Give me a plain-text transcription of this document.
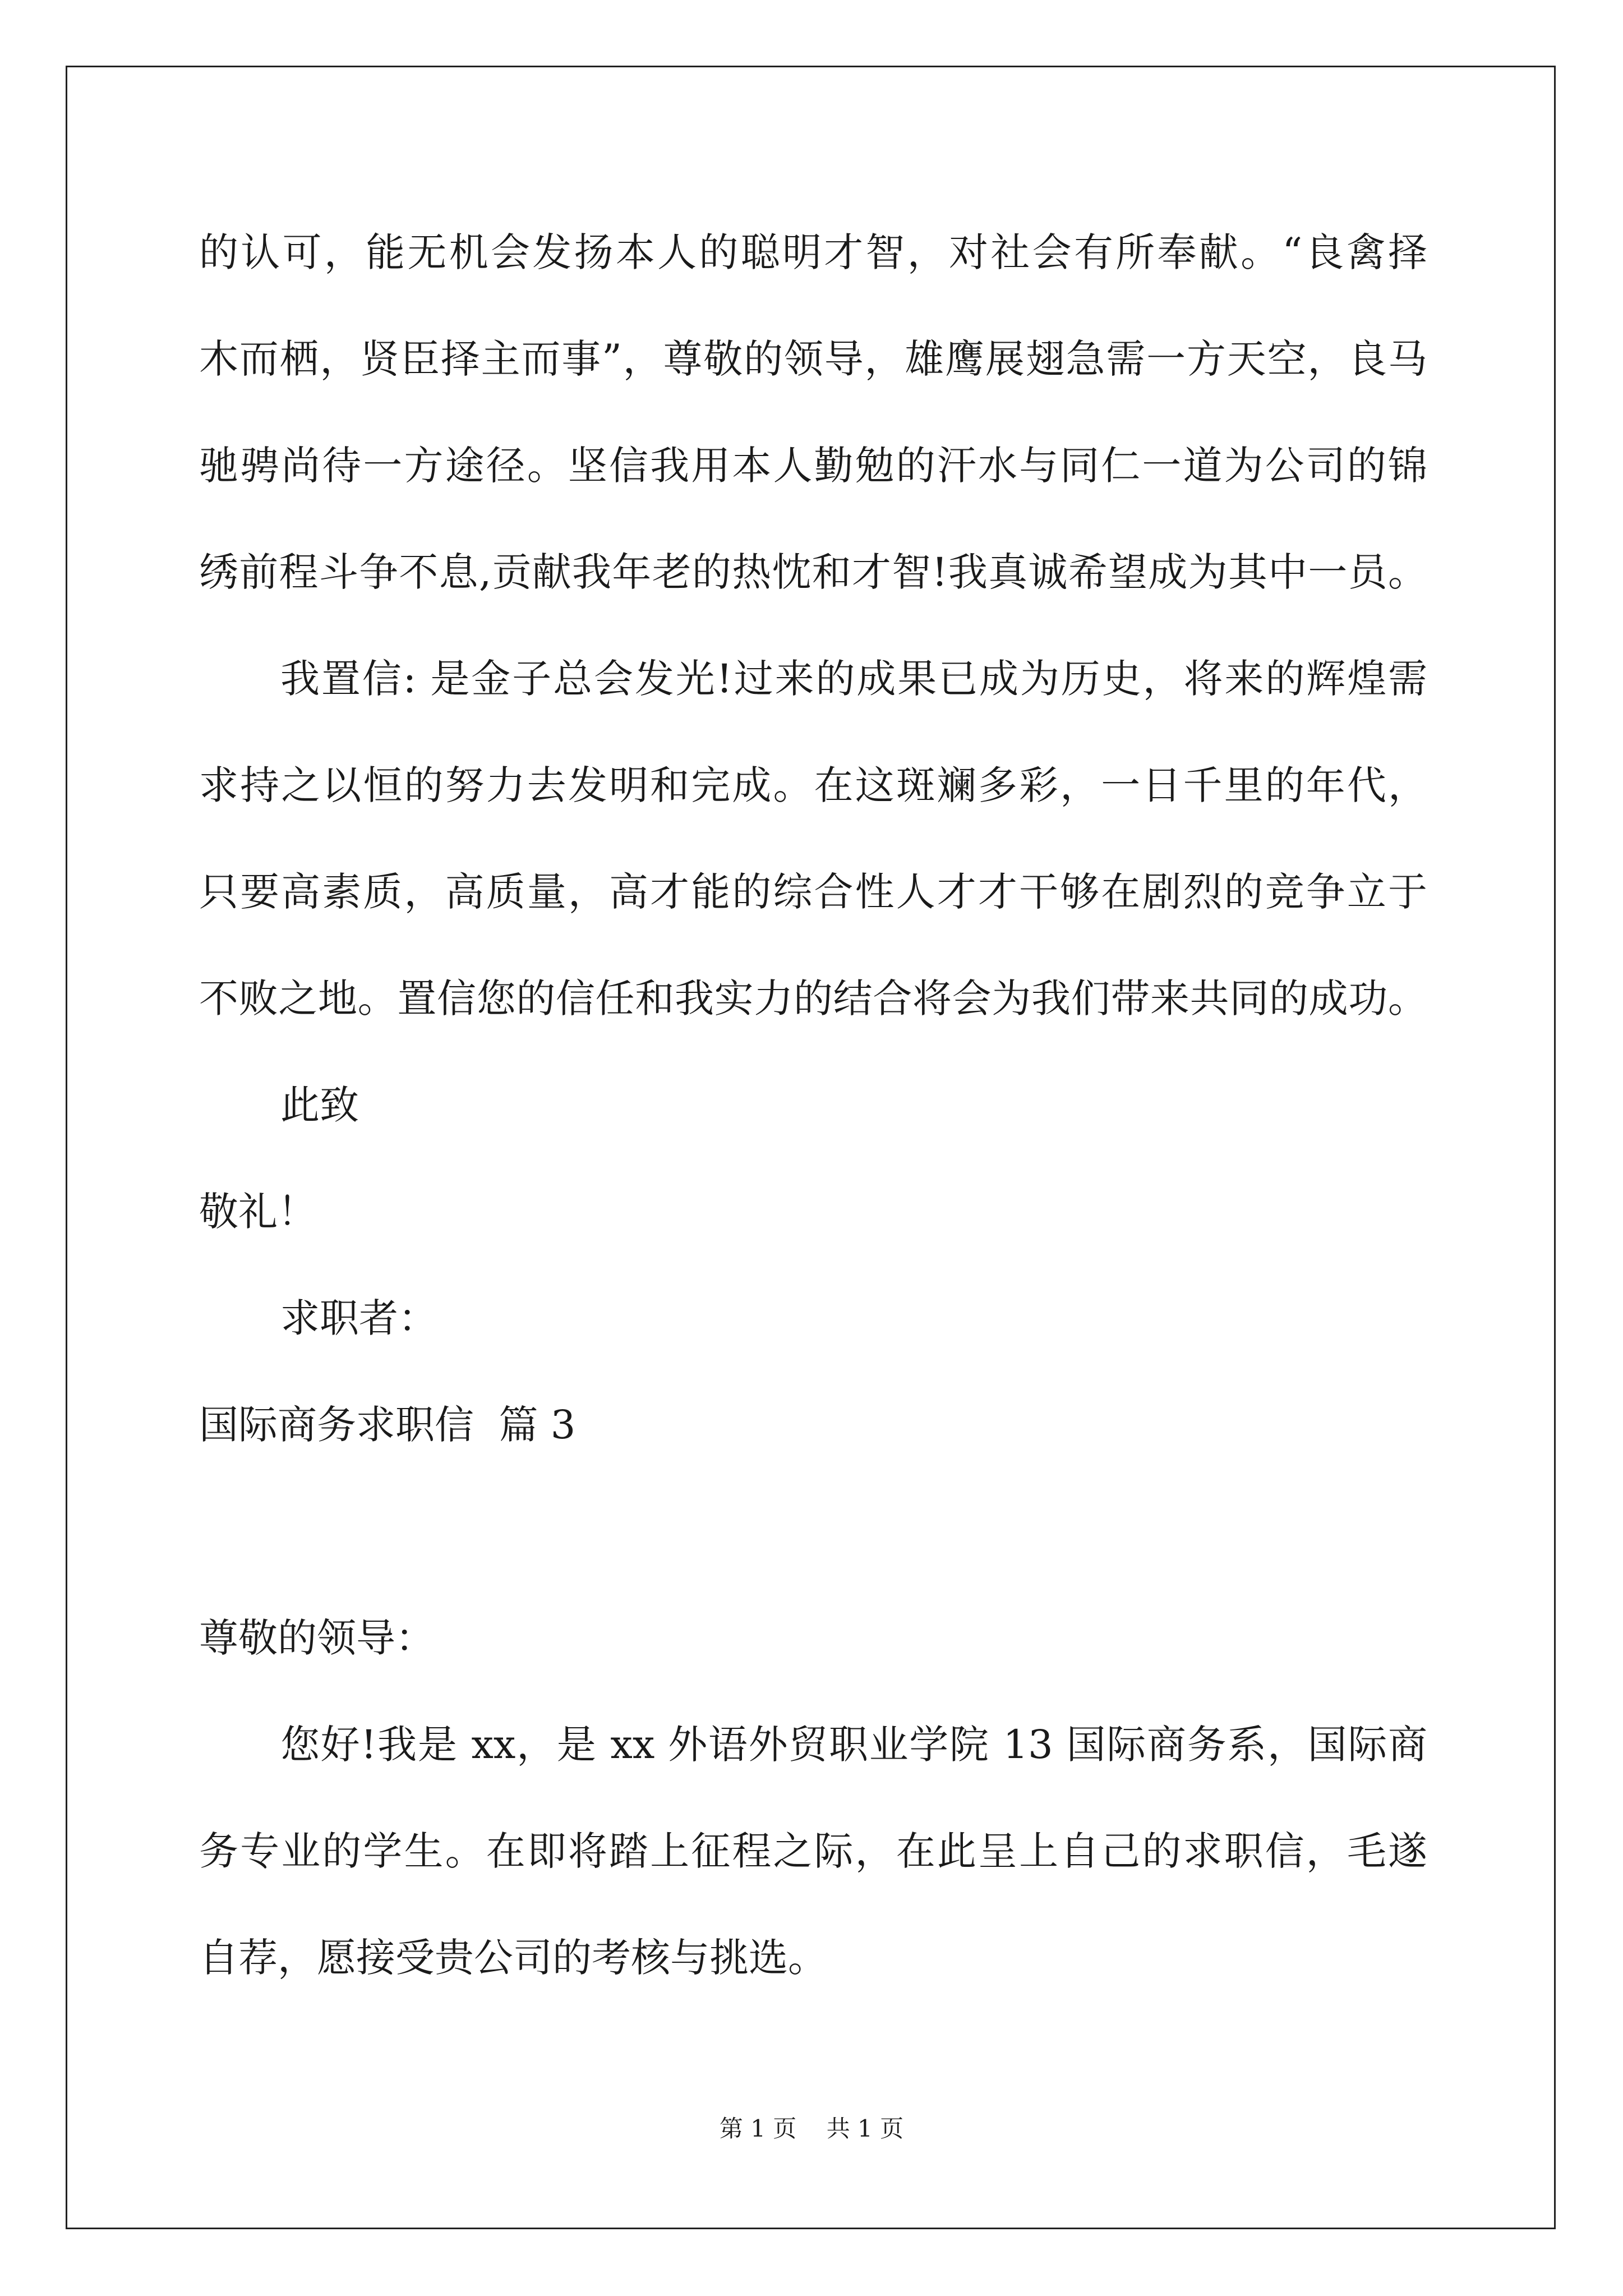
的认可，能无机会发扬本人的聪明才智，对社会有所奉献。“良禽择
木而栖，贤臣择主而事”，尊敬的领导，雄鹰展翅急需一方天空，良马
驰骋尚待一方途径。坚信我用本人勤勉的汗水与同仁一道为公司的锦
绣前程斗争不息,贡献我年老的热忱和才智!我真诚希望成为其中一员。
我置信: 是金子总会发光!过来的成果已成为历史，将来的辉煌需
求持之以恒的努力去发明和完成。在这斑斓多彩，一日千里的年代，
只要高素质，高质量，高才能的综合性人才才干够在剧烈的竞争立于
不败之地。置信您的信任和我实力的结合将会为我们带来共同的成功。
此致
敬礼！
求职者：
国际商务求职信  篇 3
尊敬的领导：
您好!我是 xx，是 xx 外语外贸职业学院 13 国际商务系，国际商
务专业的学生。在即将踏上征程之际，在此呈上自己的求职信，毛遂
自荐，愿接受贵公司的考核与挑选。
第 1 页 共 1 页
